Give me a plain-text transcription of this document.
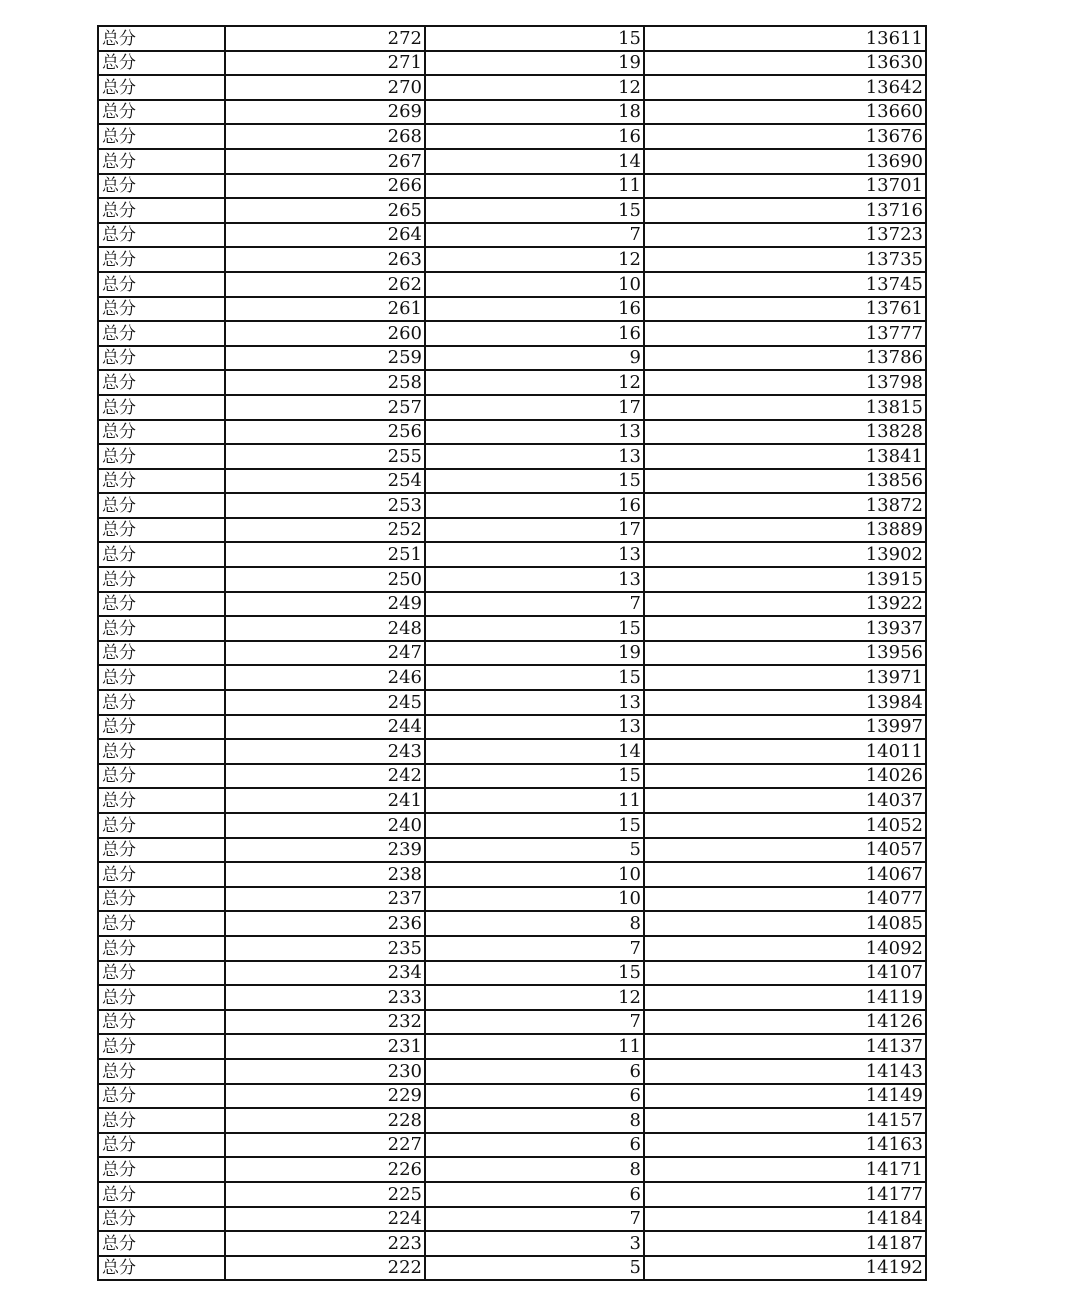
总分	272	15	13611
总分	271	19	13630
总分	270	12	13642
总分	269	18	13660
总分	268	16	13676
总分	267	14	13690
总分	266	11	13701
总分	265	15	13716
总分	264	7	13723
总分	263	12	13735
总分	262	10	13745
总分	261	16	13761
总分	260	16	13777
总分	259	9	13786
总分	258	12	13798
总分	257	17	13815
总分	256	13	13828
总分	255	13	13841
总分	254	15	13856
总分	253	16	13872
总分	252	17	13889
总分	251	13	13902
总分	250	13	13915
总分	249	7	13922
总分	248	15	13937
总分	247	19	13956
总分	246	15	13971
总分	245	13	13984
总分	244	13	13997
总分	243	14	14011
总分	242	15	14026
总分	241	11	14037
总分	240	15	14052
总分	239	5	14057
总分	238	10	14067
总分	237	10	14077
总分	236	8	14085
总分	235	7	14092
总分	234	15	14107
总分	233	12	14119
总分	232	7	14126
总分	231	11	14137
总分	230	6	14143
总分	229	6	14149
总分	228	8	14157
总分	227	6	14163
总分	226	8	14171
总分	225	6	14177
总分	224	7	14184
总分	223	3	14187
总分	222	5	14192
